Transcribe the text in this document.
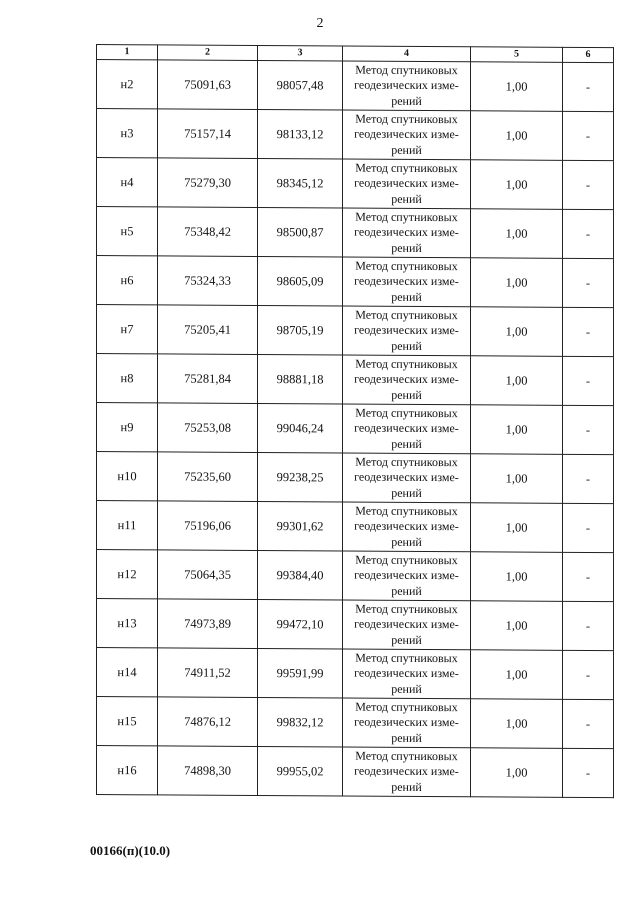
2
1	2	3	4	5	6
н2	75091,63	98057,48	Метод спутниковых
геодезических изме-
рений	1,00	-
н3	75157,14	98133,12	Метод спутниковых
геодезических изме-
рений	1,00	-
н4	75279,30	98345,12	Метод спутниковых
геодезических изме-
рений	1,00	-
н5	75348,42	98500,87	Метод спутниковых
геодезических изме-
рений	1,00	-
н6	75324,33	98605,09	Метод спутниковых
геодезических изме-
рений	1,00	-
н7	75205,41	98705,19	Метод спутниковых
геодезических изме-
рений	1,00	-
н8	75281,84	98881,18	Метод спутниковых
геодезических изме-
рений	1,00	-
н9	75253,08	99046,24	Метод спутниковых
геодезических изме-
рений	1,00	-
н10	75235,60	99238,25	Метод спутниковых
геодезических изме-
рений	1,00	-
н11	75196,06	99301,62	Метод спутниковых
геодезических изме-
рений	1,00	-
н12	75064,35	99384,40	Метод спутниковых
геодезических изме-
рений	1,00	-
н13	74973,89	99472,10	Метод спутниковых
геодезических изме-
рений	1,00	-
н14	74911,52	99591,99	Метод спутниковых
геодезических изме-
рений	1,00	-
н15	74876,12	99832,12	Метод спутниковых
геодезических изме-
рений	1,00	-
н16	74898,30	99955,02	Метод спутниковых
геодезических изме-
рений	1,00	-
00166(п)(10.0)
